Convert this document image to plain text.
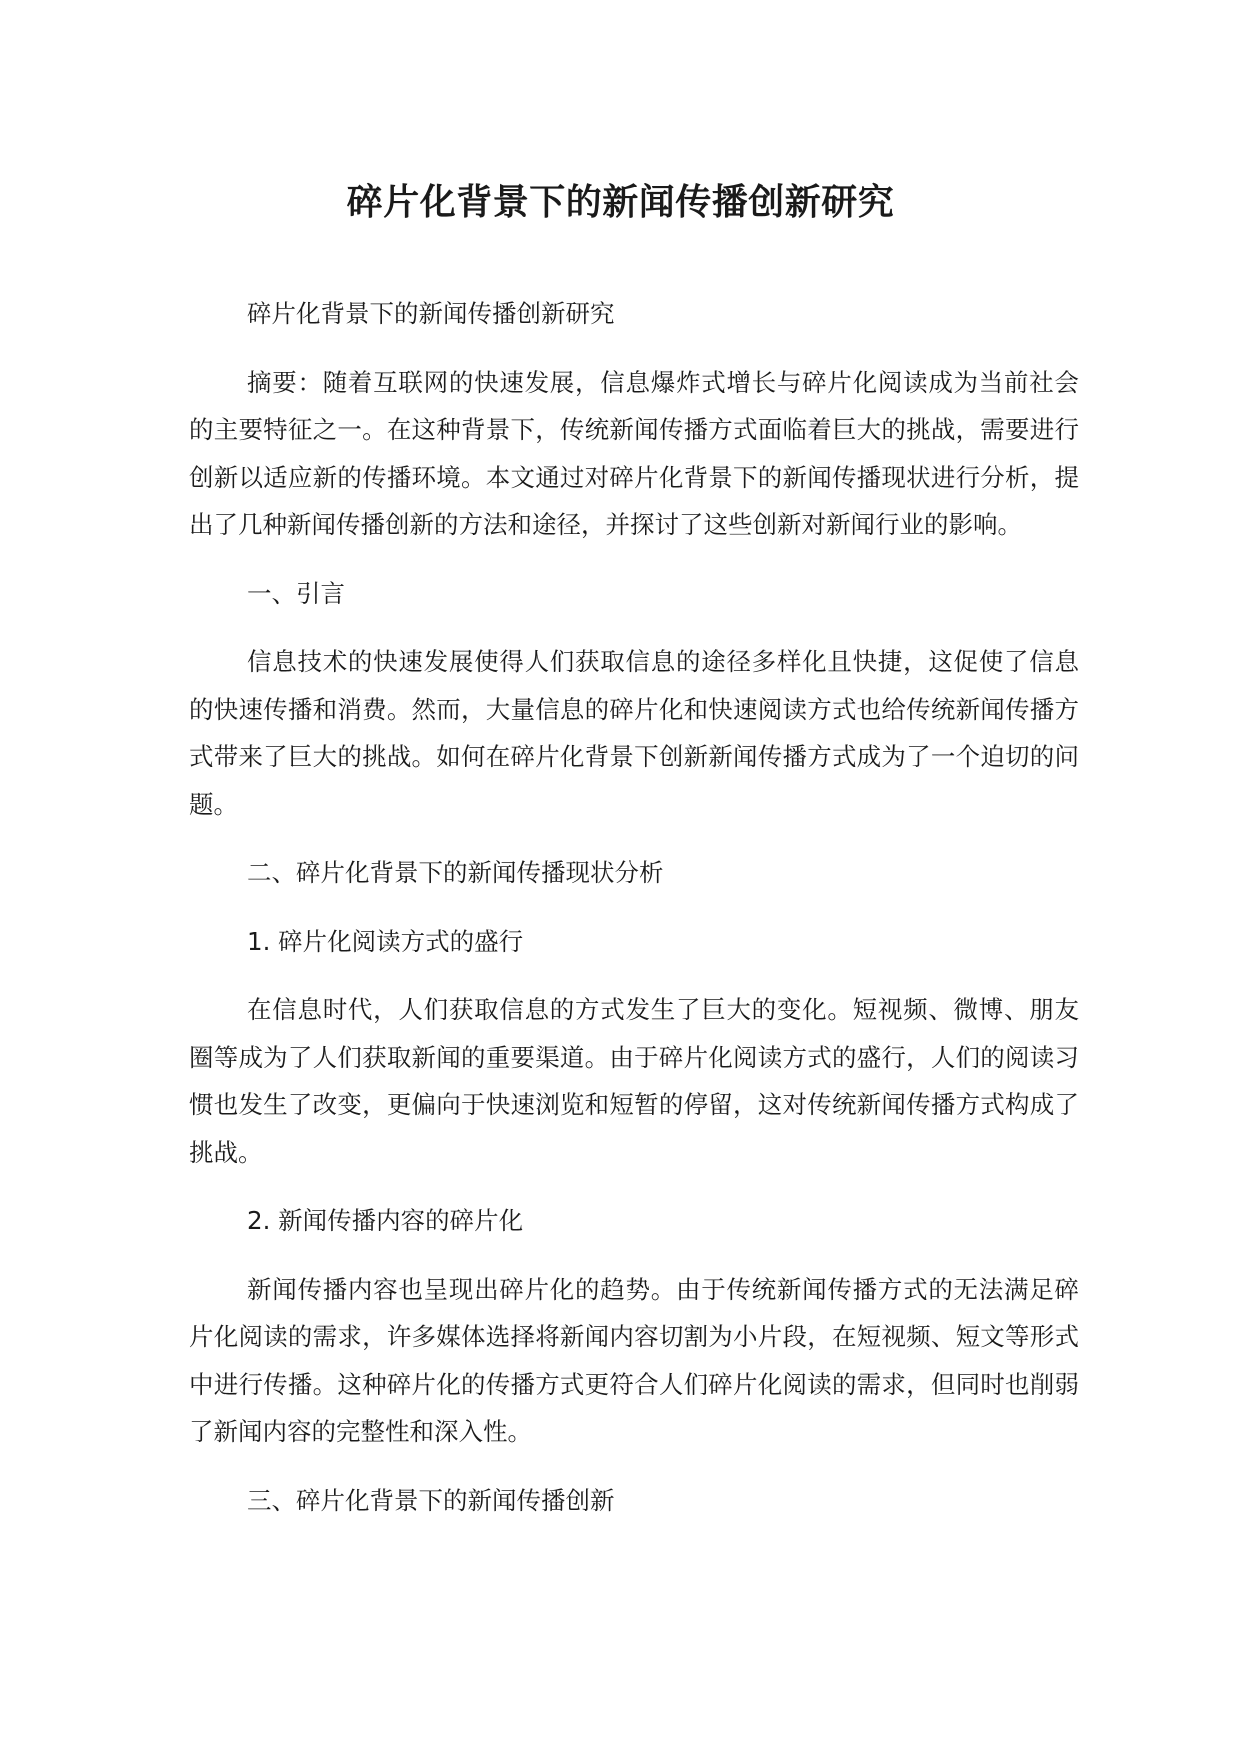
碎片化背景下的新闻传播创新研究

碎片化背景下的新闻传播创新研究

摘要：随着互联网的快速发展，信息爆炸式增长与碎片化阅读成为当前社会的主要特征之一。在这种背景下，传统新闻传播方式面临着巨大的挑战，需要进行创新以适应新的传播环境。本文通过对碎片化背景下的新闻传播现状进行分析，提出了几种新闻传播创新的方法和途径，并探讨了这些创新对新闻行业的影响。

一、引言

信息技术的快速发展使得人们获取信息的途径多样化且快捷，这促使了信息的快速传播和消费。然而，大量信息的碎片化和快速阅读方式也给传统新闻传播方式带来了巨大的挑战。如何在碎片化背景下创新新闻传播方式成为了一个迫切的问题。

二、碎片化背景下的新闻传播现状分析

1. 碎片化阅读方式的盛行

在信息时代，人们获取信息的方式发生了巨大的变化。短视频、微博、朋友圈等成为了人们获取新闻的重要渠道。由于碎片化阅读方式的盛行，人们的阅读习惯也发生了改变，更偏向于快速浏览和短暂的停留，这对传统新闻传播方式构成了挑战。

2. 新闻传播内容的碎片化

新闻传播内容也呈现出碎片化的趋势。由于传统新闻传播方式的无法满足碎片化阅读的需求，许多媒体选择将新闻内容切割为小片段，在短视频、短文等形式中进行传播。这种碎片化的传播方式更符合人们碎片化阅读的需求，但同时也削弱了新闻内容的完整性和深入性。

三、碎片化背景下的新闻传播创新
